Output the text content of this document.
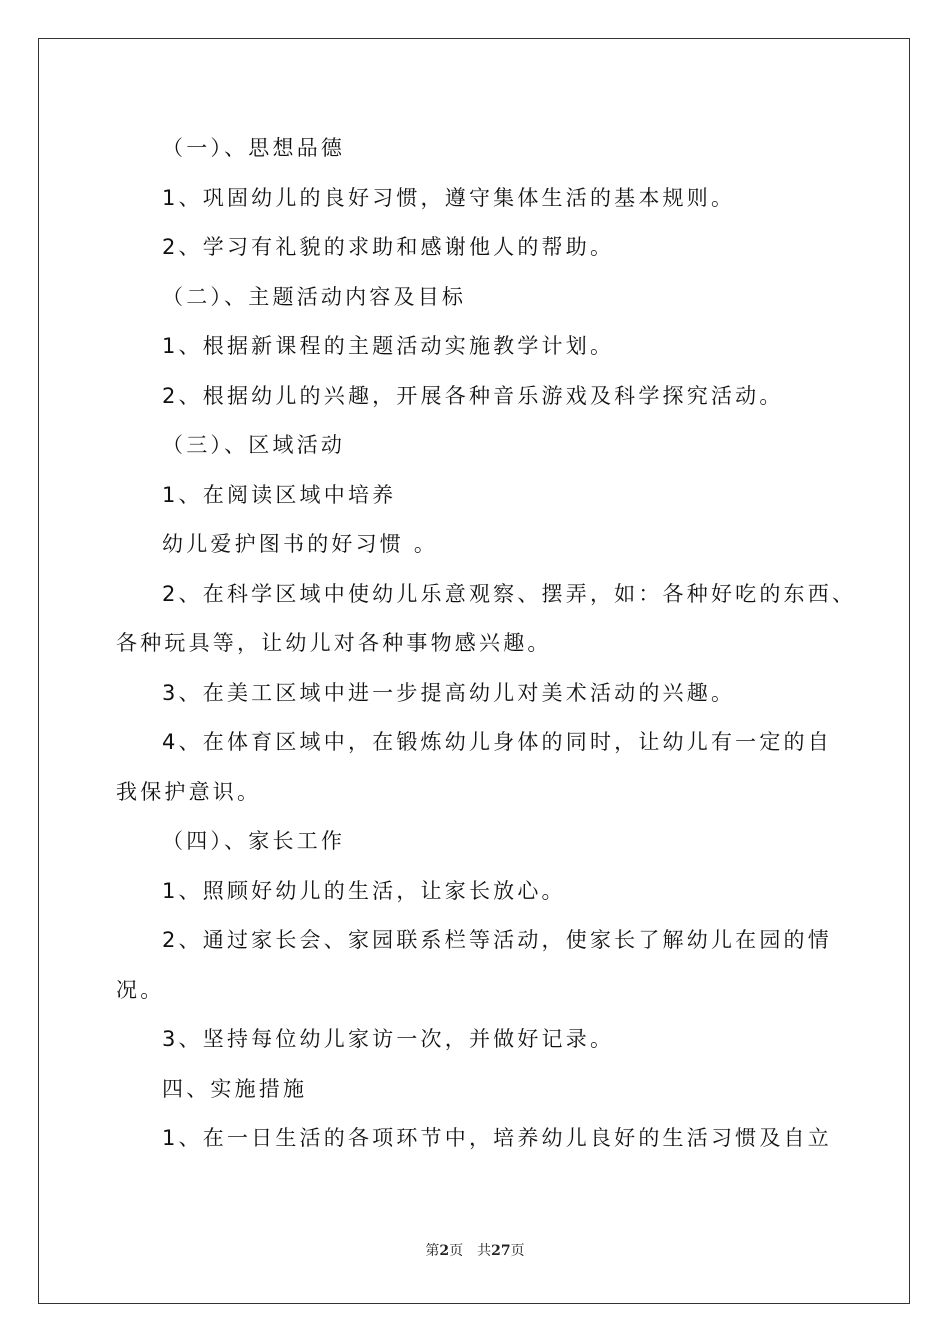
（一）、思想品德

1、巩固幼儿的良好习惯，遵守集体生活的基本规则。

2、学习有礼貌的求助和感谢他人的帮助。

（二）、主题活动内容及目标

1、根据新课程的主题活动实施教学计划。

2、根据幼儿的兴趣，开展各种音乐游戏及科学探究活动。

（三）、区域活动

1、在阅读区域中培养

幼儿爱护图书的好习惯 。

2、在科学区域中使幼儿乐意观察、摆弄，如：各种好吃的东西、

各种玩具等，让幼儿对各种事物感兴趣。

3、在美工区域中进一步提高幼儿对美术活动的兴趣。

4、在体育区域中，在锻炼幼儿身体的同时，让幼儿有一定的自

我保护意识。

（四）、家长工作

1、照顾好幼儿的生活，让家长放心。

2、通过家长会、家园联系栏等活动，使家长了解幼儿在园的情

况。

3、坚持每位幼儿家访一次，并做好记录。

四、实施措施

1、在一日生活的各项环节中，培养幼儿良好的生活习惯及自立

第2页　共27页
